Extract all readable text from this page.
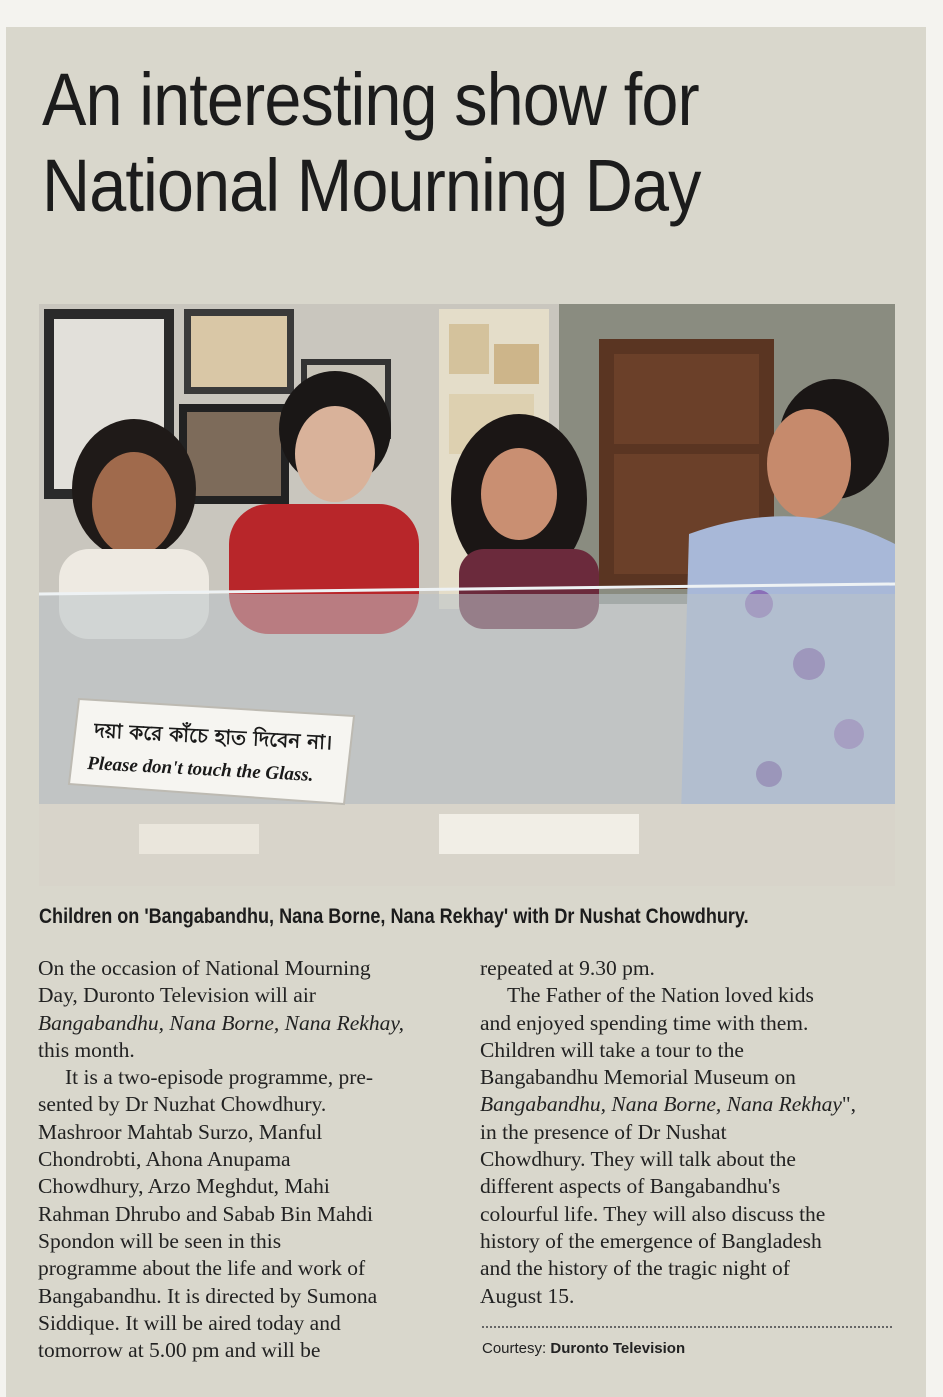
An interesting show for
National Mourning Day
দয়া করে কাঁচে হাত দিবেন না।
Please don't touch the Glass.
Children on 'Bangabandhu, Nana Borne, Nana Rekhay' with Dr Nushat Chowdhury.

On the occasion of National Mourning
Day, Duronto Television will air
Bangabandhu, Nana Borne, Nana Rekhay,
this month.

It is a two-episode programme, pre-
sented by Dr Nuzhat Chowdhury.
Mashroor Mahtab Surzo, Manful
Chondrobti, Ahona Anupama
Chowdhury, Arzo Meghdut, Mahi
Rahman Dhrubo and Sabab Bin Mahdi
Spondon will be seen in this
programme about the life and work of
Bangabandhu. It is directed by Sumona
Siddique. It will be aired today and
tomorrow at 5.00 pm and will be

repeated at 9.30 pm.

The Father of the Nation loved kids
and enjoyed spending time with them.
Children will take a tour to the
Bangabandhu Memorial Museum on
Bangabandhu, Nana Borne, Nana Rekhay",
in the presence of Dr Nushat
Chowdhury. They will talk about the
different aspects of Bangabandhu's
colourful life. They will also discuss the
history of the emergence of Bangladesh
and the history of the tragic night of
August 15.

Courtesy: Duronto Television
